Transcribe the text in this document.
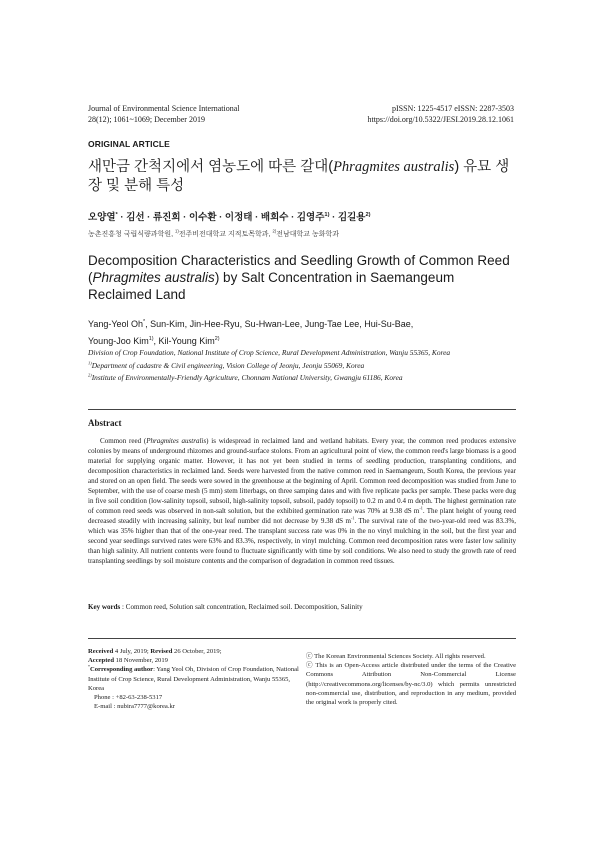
Journal of Environmental Science International
28(12); 1061~1069; December 2019
pISSN: 1225-4517 eISSN: 2287-3503
https://doi.org/10.5322/JESI.2019.28.12.1061
ORIGINAL ARTICLE
새만금 간척지에서 염농도에 따른 갈대(Phragmites australis) 유묘 생장 및 분해 특성
오양열* · 김선 · 류진희 · 이수환 · 이정태 · 배희수 · 김영주$^{1)}$ · 김길용$^{2)}$
농촌진흥청 국립식량과학원, $^{1)}$전주비전대학교 지적토목학과, $^{2)}$전남대학교 농화학과
Decomposition Characteristics and Seedling Growth of Common Reed (Phragmites australis) by Salt Concentration in Saemangeum Reclaimed Land
Yang-Yeol Oh*, Sun-Kim, Jin-Hee-Ryu, Su-Hwan-Lee, Jung-Tae Lee, Hui-Su-Bae,
Young-Joo Kim$^{1)}$, Kil-Young Kim$^{2)}$
Division of Crop Foundation, National Institute of Crop Science, Rural Development Administration, Wanju 55365, Korea
$^{1)}$Department of cadastre & Civil engineering, Vision College of Jeonju, Jeonju 55069, Korea
$^{2)}$Institute of Environmentally-Friendly Agriculture, Chonnam National University, Gwangju 61186, Korea
Abstract
Common reed (Phragmites australis) is widespread in reclaimed land and wetland habitats. Every year, the common reed produces extensive colonies by means of underground rhizomes and ground-surface stolons. From an agricultural point of view, the common reed's large biomass is a good material for supplying organic matter. However, it has not yet been studied in terms of seedling production, transplanting conditions, and decomposition characteristics in reclaimed land. Seeds were harvested from the native common reed in Saemangeum, South Korea, the previous year and stored on an open field. The seeds were sowed in the greenhouse at the beginning of April. Common reed decomposition was studied from June to September, with the use of coarse mesh (5 mm) stem litterbags, on three samping dates and with five replicate packs per sample. These packs were dug in five soil condition (low-salinity topsoil, subsoil, high-salinity topsoil, subsoil, paddy topsoil) to 0.2 m and 0.4 m depth. The highest germination rate of common reed seeds was observed in non-salt solution, but the exhibited germination rate was 70% at 9.38 dS $m^{-1}$. The plant height of young reed decreased steadily with increasing salinity, but leaf number did not decrease by 9.38 dS $m^{-1}$. The survival rate of the two-year-old reed was 83.3%, which was 35% higher than that of the one-year reed. The transplant success rate was 0% in the no vinyl mulching in the soil, but the first year and second year seedlings survived rates were 63% and 83.3%, respectively, in vinyl mulching. Common reed decomposition rates were faster low salinity than high salinity. All nutrient contents were found to fluctuate significantly with time by soil conditions. We also need to study the growth rate of reed transplanting seedlings by soil moisture contents and the comparison of degradation in common reed tissues.
Key words : Common reed, Solution salt concentration, Reclaimed soil. Decomposition, Salinity
Received 4 July, 2019; Revised 26 October, 2019;
Accepted 18 November, 2019
*Corresponding author: Yang Yeol Oh, Division of Crop Foundation, National Institute of Crop Science, Rural Development Administration, Wanju 55365, Korea
Phone : +82-63-238-5317
E-mail : nubira7777@korea.kr
ⓒ The Korean Environmental Sciences Society. All rights reserved.
ⓒ This is an Open-Access article distributed under the terms of the Creative Commons Attribution Non-Commercial License (http://creativecommons.org/licenses/by-nc/3.0) which permits unrestricted non-commercial use, distribution, and reproduction in any medium, provided the original work is properly cited.
